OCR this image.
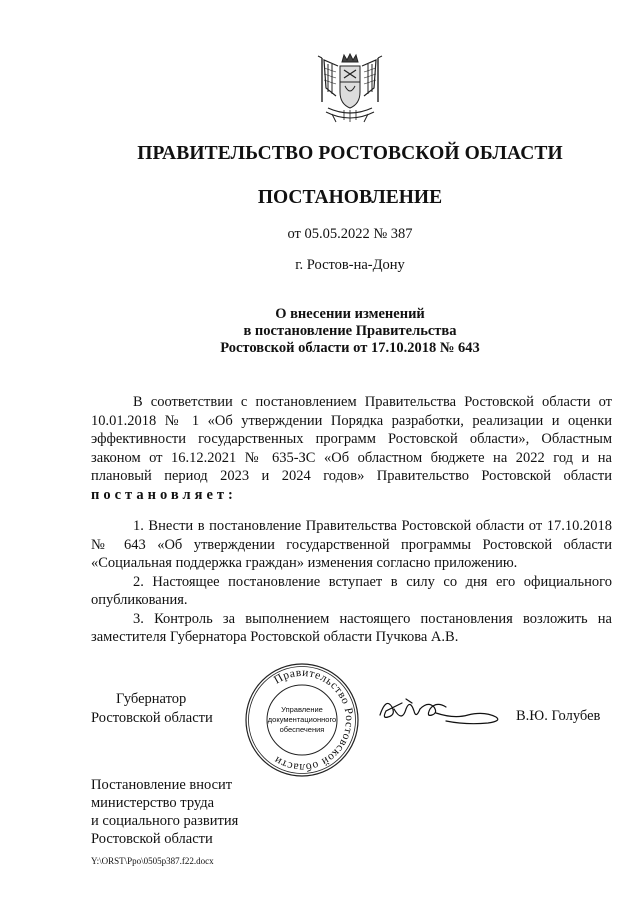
ПРАВИТЕЛЬСТВО РОСТОВСКОЙ ОБЛАСТИ
ПОСТАНОВЛЕНИЕ
от 05.05.2022 № 387
г. Ростов-на-Дону
О внесении изменений
в постановление Правительства
Ростовской области от 17.10.2018 № 643
В соответствии с постановлением Правительства Ростовской области от 10.01.2018 № 1 «Об утверждении Порядка разработки, реализации и оценки эффективности государственных программ Ростовской области», Областным законом от 16.12.2021 № 635-ЗС «Об областном бюджете на 2022 год и на плановый период 2023 и 2024 годов» Правительство Ростовской области постановляет:

1. Внести в постановление Правительства Ростовской области от 17.10.2018 № 643 «Об утверждении государственной программы Ростовской области «Социальная поддержка граждан» изменения согласно приложению.

2. Настоящее постановление вступает в силу со дня его официального опубликования.

3. Контроль за выполнением настоящего постановления возложить на заместителя Губернатора Ростовской области Пучкова А.В.

Губернатор
Ростовской области
Правительство Ростовской области
Управление
документационного
обеспечения
В.Ю. Голубев
Постановление вносит
министерство труда
и социального развития
Ростовской области
Y:\ORST\Ppo\0505p387.f22.docx
